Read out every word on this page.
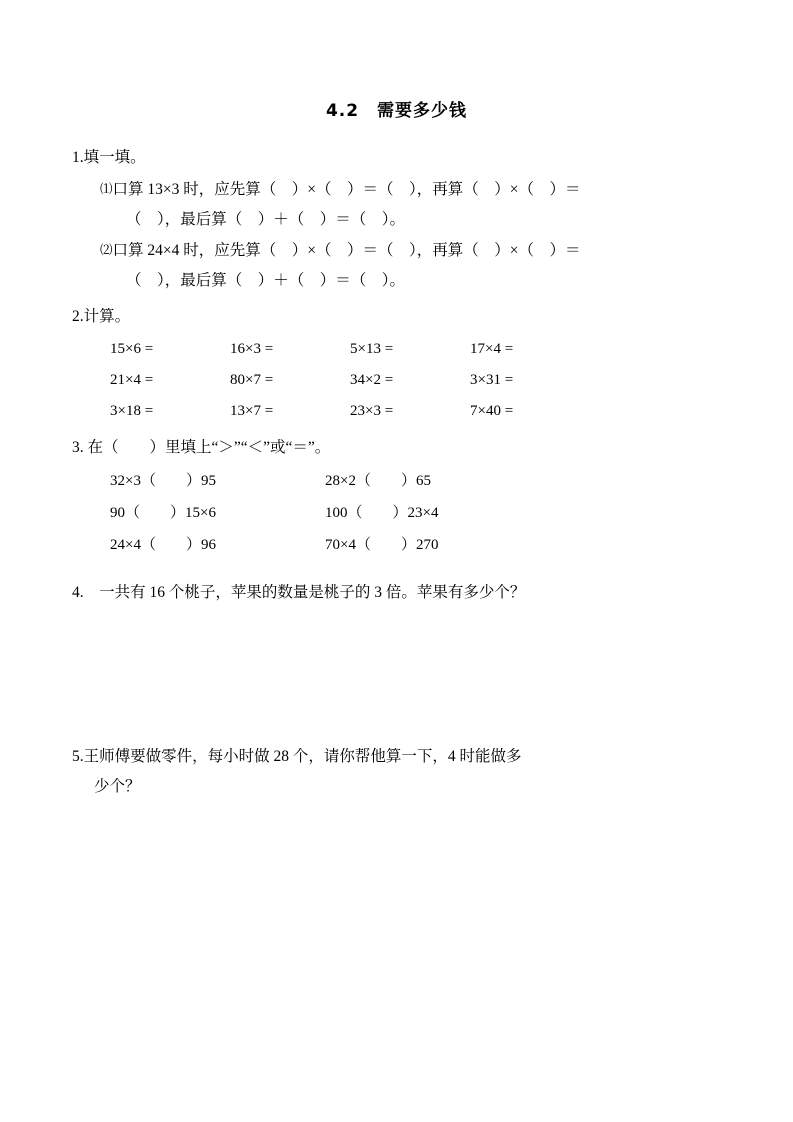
4.2　需要多少钱
1.填一填。
⑴口算 13×3 时，应先算（　）×（　）＝（　），再算（　）×（　）＝
（　），最后算（　）＋（　）＝（　）。
⑵口算 24×4 时，应先算（　）×（　）＝（　），再算（　）×（　）＝
（　），最后算（　）＋（　）＝（　）。
2.计算。
15×6 =	16×3 =	5×13 =	17×4 =
21×4 =	80×7 =	34×2 =	3×31 =
3×18 =	13×7 =	23×3 =	7×40 =
3. 在（　　）里填上“＞”“＜”或“＝”。
32×3（　　）95	28×2（　　）65
90（　　）15×6	100（　　）23×4
24×4（　　）96	70×4（　　）270
4.　一共有 16 个桃子，苹果的数量是桃子的 3 倍。苹果有多少个？
5.王师傅要做零件，每小时做 28 个，请你帮他算一下，4 时能做多
少个？
